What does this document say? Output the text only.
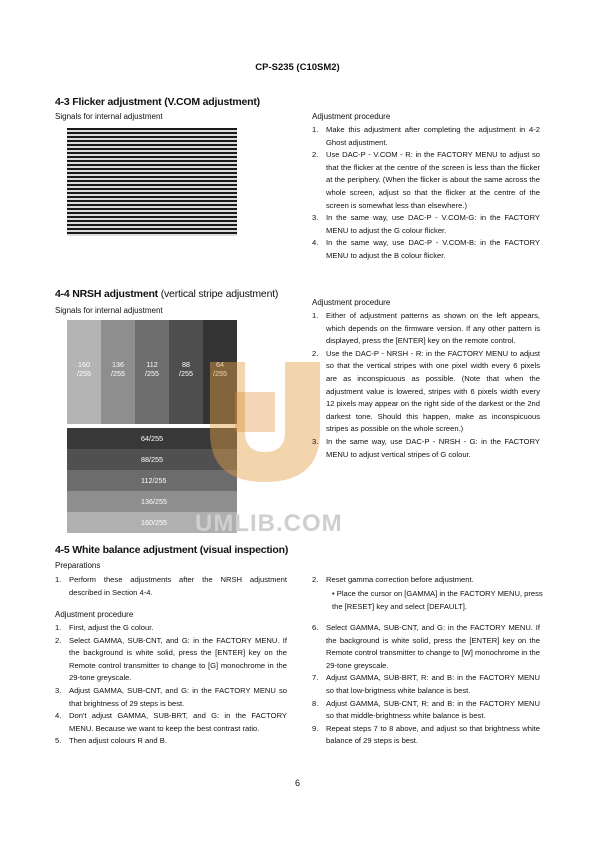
CP-S235 (C10SM2)
4-3 Flicker adjustment (V.COM adjustment)
Signals for internal adjustment	Adjustment procedure
1. Make this adjustment after completing the adjustment in 4-2 Ghost adjustment.
2. Use DAC-P - V.COM - R: in the FACTORY MENU to adjust so that the flicker at the centre of the screen is less than the flicker at the periphery. (When the flicker is about the same across the whole screen, adjust so that the flicker at the centre of the screen is somewhat less than elsewhere.)
3. In the same way, use DAC-P - V.COM-G: in the FACTORY MENU to adjust the G colour flicker.
4. In the same way, use DAC-P - V.COM-B: in the FACTORY MENU to adjust the B colour flicker.
4-4 NRSH adjustment (vertical stripe adjustment)
Signals for internal adjustment
160
/255
136
/255
112
/255
88
/255
64
/255
64/255
88/255
112/255
136/255
160/255 UMLIB.COM
Adjustment procedure
1. Either of adjustment patterns as shown on the left appears, which depends on the firmware version. If any other pattern is displayed, press the [ENTER] key on the remote control.
2. Use the DAC-P - NRSH - R: in the FACTORY MENU to adjust so that the vertical stripes with one pixel width every 6 pixels are as inconspicuous as possible. (Note that when the adjustment value is lowered, stripes with 6 pixels width every 12 pixels may appear on the right side of the darkest or the 2nd darkest tone. Should this happen, make as inconspicuous stripes as possible on the whole screen.)
3. In the same way, use DAC-P - NRSH - G: in the FACTORY MENU to adjust vertical stripes of G colour.
4-5 White balance adjustment (visual inspection)
Preparations
1. Perform these adjustments after the NRSH adjustment described in Section 4-4.
2. Reset gamma correction before adjustment.
• Place the cursor on [GAMMA] in the FACTORY MENU, press the [RESET] key and select [DEFAULT].
Adjustment procedure
1. First, adjust the G colour.
2. Select GAMMA, SUB-CNT, and G: in the FACTORY MENU. If the background is white solid, press the [ENTER] key on the Remote control transmitter to change to [G] monochrome in the 29-tone greyscale.
3. Adjust GAMMA, SUB-CNT, and G: in the FACTORY MENU so that brightness of 29 steps is best.
4. Don't adjust GAMMA, SUB-BRT, and G: in the FACTORY MENU. Because we want to keep the best contrast ratio.
5. Then adjust colours R and B.
6. Select GAMMA, SUB-CNT, and G: in the FACTORY MENU. If the background is white solid, press the [ENTER] key on the Remote control transmitter to change to [W] monochrome in the 29-tone greyscale.
7. Adjust GAMMA, SUB-BRT, R: and B: in the FACTORY MENU so that low-brigtness white balance is best.
8. Adjust GAMMA, SUB-CNT, R: and B: in the FACTORY MENU so that middle-brightness white balance is best.
9. Repeat steps 7 to 8 above, and adjust so that brightness white balance of 29 steps is best.
6
